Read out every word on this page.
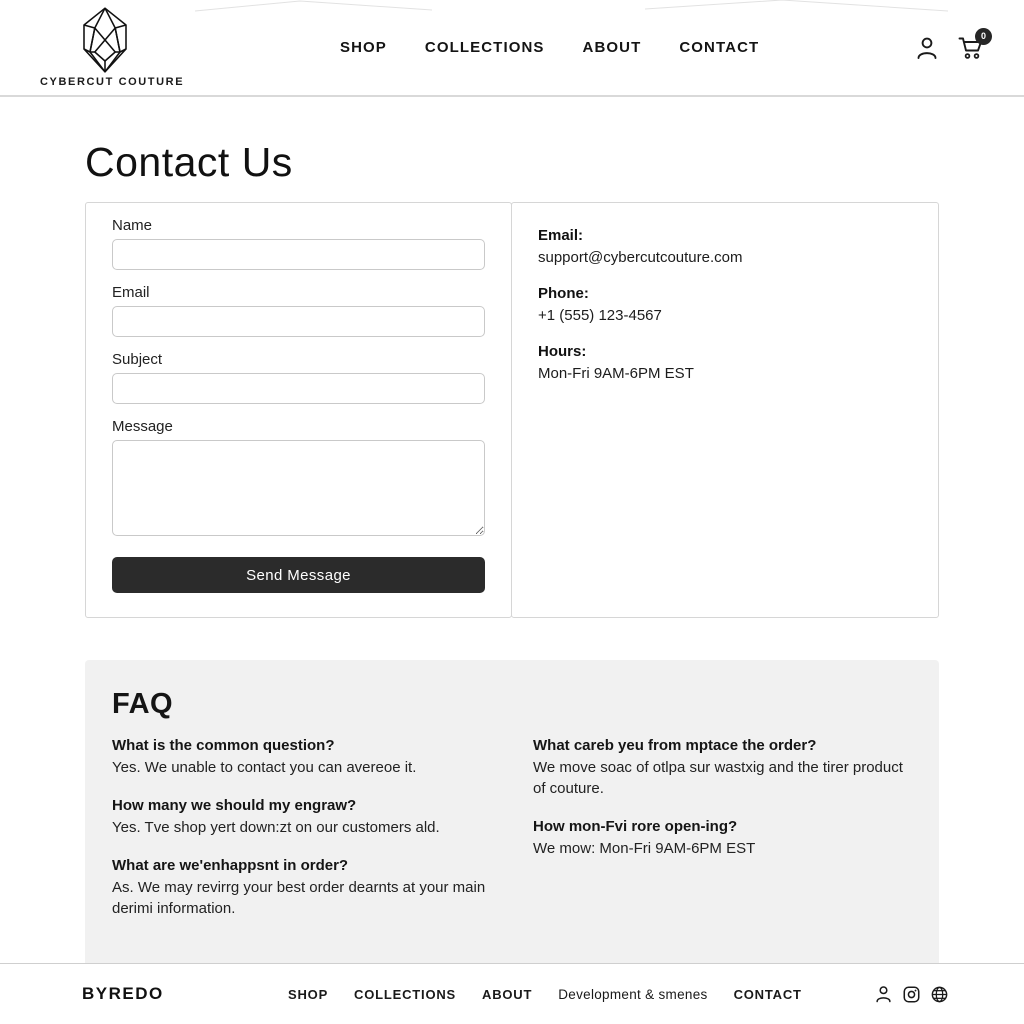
CYBERCUT COUTURE
SHOP	COLLECTIONS	ABOUT	CONTACT
0
Contact Us
Name
Email
Subject
Message
Send Message
Email:
support@cybercutcouture.com
Phone:
+1 (555) 123-4567
Hours:
Mon-Fri 9AM-6PM EST
FAQ
What is the common question?
Yes. We unable to contact you can avereoe it.
How many we should my engraw?
Yes. Tve shop yert down:zt on our customers ald.
What are we'enhappsnt in order?
As. We may revirrg your best order dearnts at your main derimi information.
What careb yeu from mptace the order?
We move soac of otlpa sur wastxig and the tirer product of couture.
How mon-Fvi rore open-ing?
We mow: Mon-Fri 9AM-6PM EST
BYREDO	SHOP COLLECTIONS ABOUT Development & smenes CONTACT
